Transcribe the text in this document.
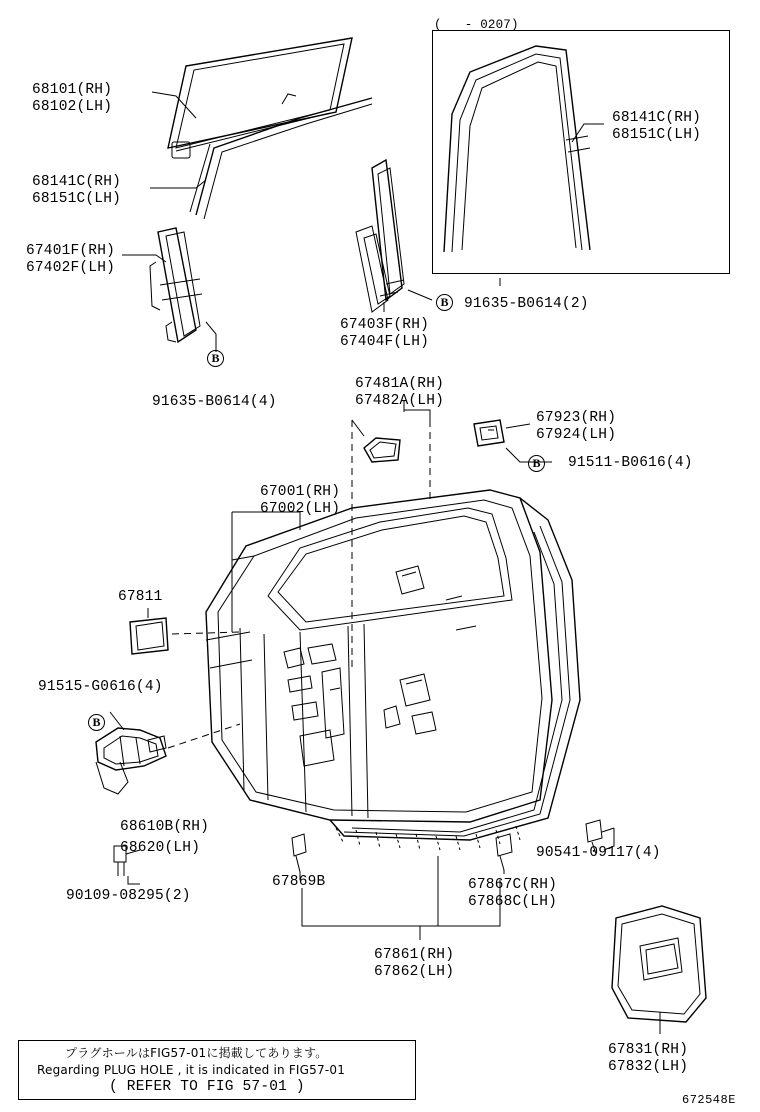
(   - 0207)
68141C(RH)
68151C(LH)
68101(RH)
68102(LH)
68141C(RH)
68151C(LH)
67401F(RH)
67402F(LH)
67403F(RH)
67404F(LH)
91635-B0614(4)
B
91635-B0614(2)
B
67481A(RH)
67482A(LH)
67923(RH)
67924(LH)
91511-B0616(4)
B
67001(RH)
67002(LH)
67811
91515-G0616(4)
B
68610B(RH)
68620(LH)
90109-08295(2)
67869B	67867C(RH)
67868C(LH)
90541-09117(4)
67861(RH)
67862(LH)
67831(RH)
67832(LH)
プラグホールはFIG57-01に掲載してあります。
Regarding PLUG HOLE , it is indicated in FIG57-01
( REFER TO FIG 57-01 )
672548E
